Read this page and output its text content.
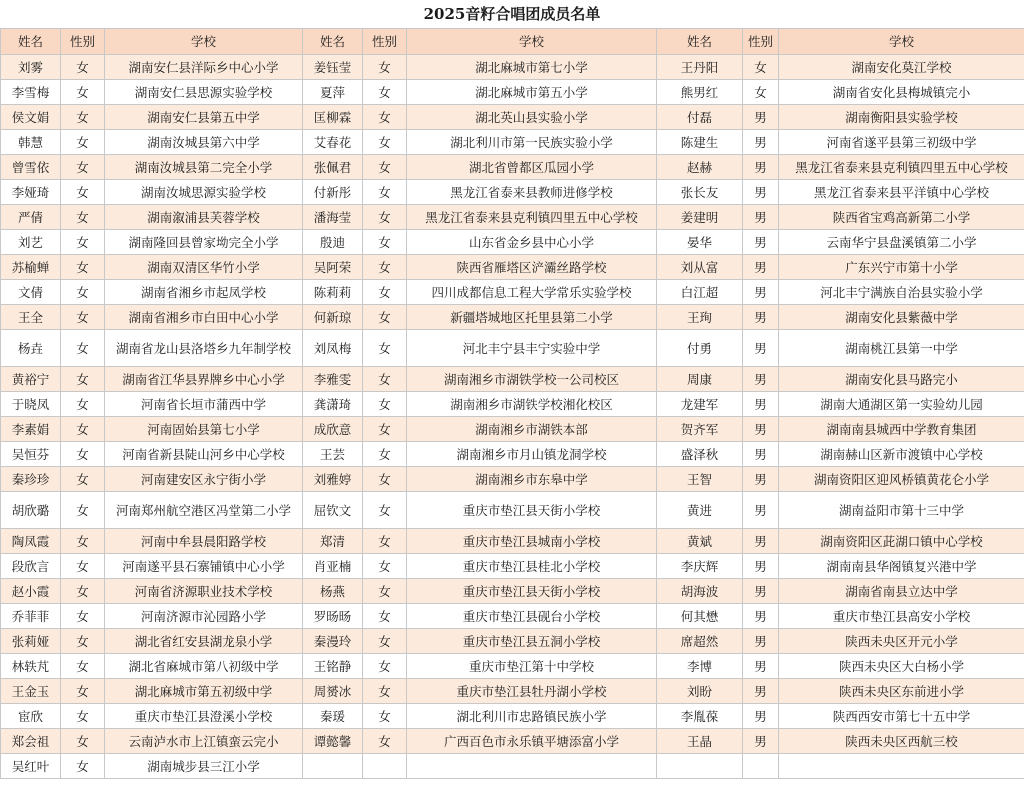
2025音籽合唱团成员名单
姓名	性别	学校	姓名	性别	学校	姓名	性别	学校
刘雾	女	湖南安仁县洋际乡中心小学	姜钰莹	女	湖北麻城市第七小学	王丹阳	女	湖南安化莫江学校
李雪梅	女	湖南安仁县思源实验学校	夏萍	女	湖北麻城市第五小学	熊男红	女	湖南省安化县梅城镇完小
侯文娟	女	湖南安仁县第五中学	匡柳霖	女	湖北英山县实验小学	付磊	男	湖南衡阳县实验学校
韩慧	女	湖南汝城县第六中学	艾春花	女	湖北利川市第一民族实验小学	陈建生	男	河南省遂平县第三初级中学
曾雪依	女	湖南汝城县第二完全小学	张佩君	女	湖北省曾都区瓜园小学	赵赫	男	黑龙江省泰来县克利镇四里五中心学校
李娅琦	女	湖南汝城思源实验学校	付新彤	女	黑龙江省泰来县教师进修学校	张长友	男	黑龙江省泰来县平洋镇中心学校
严倩	女	湖南溆浦县芙蓉学校	潘海莹	女	黑龙江省泰来县克利镇四里五中心学校	姜建明	男	陕西省宝鸡高新第二小学
刘艺	女	湖南隆回县曾家坳完全小学	殷迪	女	山东省金乡县中心小学	晏华	男	云南华宁县盘溪镇第二小学
苏榆蝉	女	湖南双清区华竹小学	吴阿荣	女	陕西省雁塔区浐灞丝路学校	刘从富	男	广东兴宁市第十小学
文倩	女	湖南省湘乡市起凤学校	陈莉莉	女	四川成都信息工程大学常乐实验学校	白江超	男	河北丰宁满族自治县实验小学
王全	女	湖南省湘乡市白田中心小学	何新琼	女	新疆塔城地区托里县第二小学	王珣	男	湖南安化县紫薇中学
杨垚	女	湖南省龙山县洛塔乡九年制学校	刘凤梅	女	河北丰宁县丰宁实验中学	付勇	男	湖南桃江县第一中学
黄裕宁	女	湖南省江华县界牌乡中心小学	李雅雯	女	湖南湘乡市湖铁学校一公司校区	周康	男	湖南安化县马路完小
于晓凤	女	河南省长垣市蒲西中学	龚潇琦	女	湖南湘乡市湖铁学校湘化校区	龙建军	男	湖南大通湖区第一实验幼儿园
李素娟	女	河南固始县第七小学	成欣意	女	湖南湘乡市湖铁本部	贺齐军	男	湖南南县城西中学教育集团
吴恒芬	女	河南省新县陡山河乡中心学校	王芸	女	湖南湘乡市月山镇龙洞学校	盛泽秋	男	湖南赫山区新市渡镇中心学校
秦珍珍	女	河南建安区永宁街小学	刘雅婷	女	湖南湘乡市东皋中学	王智	男	湖南资阳区迎风桥镇黄花仑小学
胡欣璐	女	河南郑州航空港区冯堂第二小学	屈钦文	女	重庆市垫江县天街小学校	黄进	男	湖南益阳市第十三中学
陶凤霞	女	河南中牟县晨阳路学校	郑清	女	重庆市垫江县城南小学校	黄斌	男	湖南资阳区茈湖口镇中心学校
段欣言	女	河南遂平县石寨铺镇中心小学	肖亚楠	女	重庆市垫江县桂北小学校	李庆辉	男	湖南南县华阁镇复兴港中学
赵小霞	女	河南省济源职业技术学校	杨燕	女	重庆市垫江县天街小学校	胡海波	男	湖南省南县立达中学
乔菲菲	女	河南济源市沁园路小学	罗旸旸	女	重庆市垫江县砚台小学校	何其懋	男	重庆市垫江县高安小学校
张莉娅	女	湖北省红安县湖龙泉小学	秦漫玲	女	重庆市垫江县五洞小学校	席超然	男	陕西未央区开元小学
林轶芃	女	湖北省麻城市第八初级中学	王铭静	女	重庆市垫江第十中学校	李博	男	陕西未央区大白杨小学
王金玉	女	湖北麻城市第五初级中学	周赟冰	女	重庆市垫江县牡丹湖小学校	刘盼	男	陕西未央区东前进小学
宦欣	女	重庆市垫江县澄溪小学校	秦瑗	女	湖北利川市忠路镇民族小学	李胤葆	男	陕西西安市第七十五中学
郑会祖	女	云南泸水市上江镇蛮云完小	谭懿馨	女	广西百色市永乐镇平塘添富小学	王晶	男	陕西未央区西航三校
吴红叶	女	湖南城步县三江小学						
